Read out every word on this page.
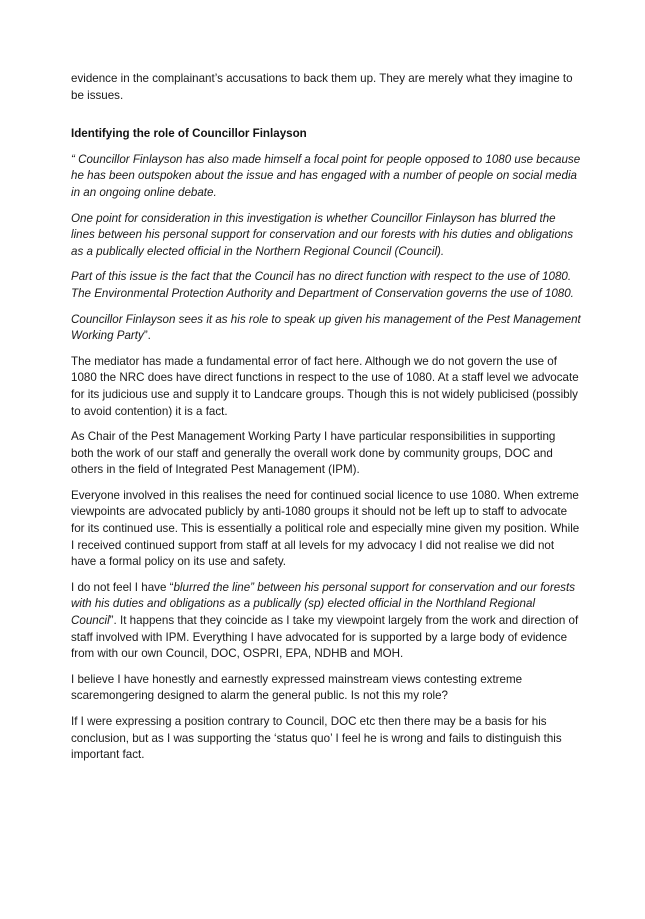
evidence in the complainant’s accusations to back them up. They are merely what they imagine to be issues.

Identifying the role of Councillor Finlayson

“ Councillor Finlayson has also made himself a focal point for people opposed to 1080 use because he has been outspoken about the issue and has engaged with a number of people on social media in an ongoing online debate.

One point for consideration in this investigation is whether Councillor Finlayson has blurred the lines between his personal support for conservation and our forests with his duties and obligations as a publically elected official in the Northern Regional Council (Council).

Part of this issue is the fact that the Council has no direct function with respect to the use of 1080. The Environmental Protection Authority and Department of Conservation governs the use of 1080.

Councillor Finlayson sees it as his role to speak up given his management of the Pest Management Working Party”.

The mediator has made a fundamental error of fact here. Although we do not govern the use of 1080 the NRC does have direct functions in respect to the use of 1080. At a staff level we advocate for its judicious use and supply it to Landcare groups. Though this is not widely publicised (possibly to avoid contention) it is a fact.

As Chair of the Pest Management Working Party I have particular responsibilities in supporting both the work of our staff and generally the overall work done by community groups, DOC and others in the field of Integrated Pest Management (IPM).

Everyone involved in this realises the need for continued social licence to use 1080. When extreme viewpoints are advocated publicly by anti-1080 groups it should not be left up to staff to advocate for its continued use. This is essentially a political role and especially mine given my position. While I received continued support from staff at all levels for my advocacy I did not realise we did not have a formal policy on its use and safety.

I do not feel I have “blurred the line” between his personal support for conservation and our forests with his duties and obligations as a publically (sp) elected official in the Northland Regional Council”. It happens that they coincide as I take my viewpoint largely from the work and direction of staff involved with IPM. Everything I have advocated for is supported by a large body of evidence from with our own Council, DOC, OSPRI, EPA, NDHB and MOH.

I believe I have honestly and earnestly expressed mainstream views contesting extreme scaremongering designed to alarm the general public. Is not this my role?

If I were expressing a position contrary to Council, DOC etc then there may be a basis for his conclusion, but as I was supporting the ‘status quo’ I feel he is wrong and fails to distinguish this important fact.
